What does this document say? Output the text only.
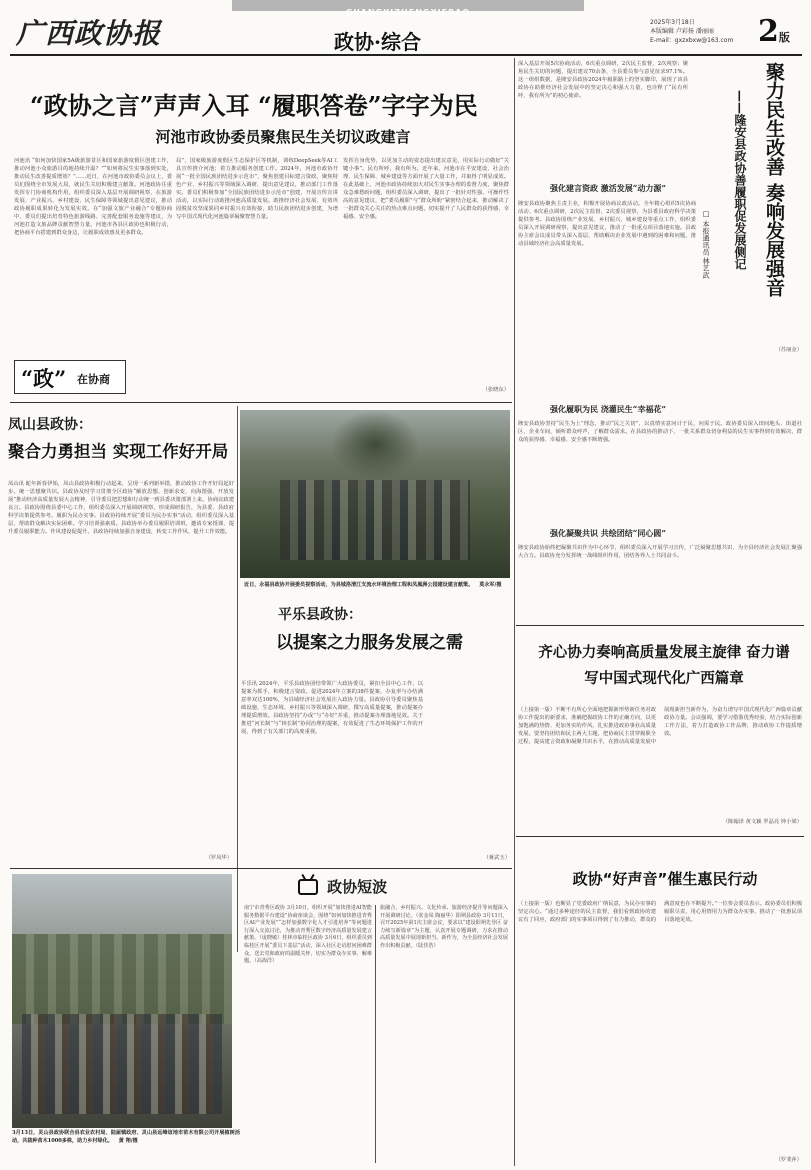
广西政协报
GUANGXIZHENGXIEBAO
政协·综合
2025年3月18日
本版编辑 卢彩扬 潘丽丽
E-mail：gxzxbxw@163.com 2版
“政协之言”声声入耳 “履职答卷”字字为民
河池市政协委员聚焦民生关切议政建言
河池讯 “如何加快国家5A级旅游景区和国家旅游度假区创建工作，推动河池小众旅游目的地持续升温？”“如何将民生实事落到实处，推动民生改善提质增效？”……近日，在河池市政协委员会议上，委员们围绕全市发展大局，就民生关切积极建言献策。河池政协注重发挥专门协商机构作用，组织委员深入基层开展调研视察，在旅游发展、产业振兴、乡村建设、民生保障等领域提出意见建议，推动政协履职成果转化为发展实效。在“加强文旅产业融合”专题协商中，委员们提出培育特色旅游线路、完善配套服务设施等建议，为河池打造文旅品牌贡献智慧力量。河池市各县区政协也积极行动，把协商平台搭建到群众身边，让履职成效惠及更多群众。
局”，国家级旅游度假区生态保护区等机制，训练DeepSeek等AI工具宣传推介河池；着力推动服务创建工作。2024年，河池市政协开展“一批全国民族团结进步示范市”，聚焦创建目标建言资政，聚焦特色产业、乡村振兴等领域深入调研，提出意见建议，推动部门工作落实。委员们积极参加“全国民族团结进步示范市”创建，开展宣传宣讲活动，以实际行动助推河池高质量发展。助推经济社会发展、有效巩固脱贫攻坚成果同乡村振兴有效衔接，助力民族团结进步创建，为谱写中国式现代化河池篇章凝聚智慧力量。
发挥自身优势，以更加主动的姿态提出建议意见，用实际行动做好“关键小事”。民有所呼，我有所为。近年来，河池市在平安建设、社会治理、民生保障、城乡建设等方面开展了大量工作，并取得了明显成效。在此基础上，河池市政协持续加大对民生实事办理的监督力度，聚焦群众急难愁盼问题，组织委员深入调研，提出了一批针对性强、可操作性高的意见建议，把“委员履职”与“群众所盼”紧密结合起来，推动解决了一批群众关心关注的热点难点问题，切实提升了人民群众的获得感、幸福感、安全感。
（张晓东）
“政” 在协商
凤山县政协：
聚合力勇担当 实现工作好开局
凤山讯 蛇年新春伊始，凤山县政协积极行动起来，呈现一系列新举措，推动政协工作开好局起好步。统一思想聚共识。县政协及时学习贯彻全区政协“解放思想、创新求变、向海图强、开放发展”推动经济高质量发展大会精神，引导委员把思想和行动统一到县委决策部署上来。协商议政建良言。县政协围绕县委中心工作，组织委员深入开展调研视察，形成调研报告，为县委、县政府科学决策提供参考。履职为民办实事。县政协持续开展“委员为民办实事”活动，组织委员深入基层，帮助群众解决实际困难。学习培训强素质。县政协举办委员履职培训班，邀请专家授课，提升委员履职能力。作风建设促提升。县政协持续加强自身建设，转变工作作风，提升工作效能。
（罗凤华）
近日，永福县政协开展委员视察活动，为县城洛清江支流水环境治理工程和凤凰洲公园建设建言献策。 莫永军/摄
平乐县政协：
以提案之力服务发展之需
平乐讯 2024年，平乐县政协团结带领广大政协委员，紧扣全县中心工作，以提案为抓手，积极建言资政。促进2024年立案的38件提案，办复率与办结满意率双达100%，为县域经济社会发展注入政协力量。县政协引导委员聚焦基础设施、生态环境、乡村振兴等领域深入调研，撰写高质量提案，推动提案办理提质增效。县政协坚持“办成”与“办好”并重，推动提案办理落地见效。关于推进“河长制”与“林长制”协同治理的提案，有效促进了生态环境保护工作的开展，得到了有关部门的高度重视。
（蒋武玉）
3月13日，灵山县政协联合县农业农村局、陆屋镇政府、灵山县远峰谊地市苗木有限公司开展植树活动，共栽种苗木1000多株，助力乡村绿化。 黄 翔/摄
政协短波
南宁市青秀区政协 3月10日，组织开展“加快推进AI智能服务数据平台建设”协商座谈会，围绕“如何加快推进青秀区AI产业发展”“怎样加强数字化人才引进培养”等问题进行深入交流讨论，为推动青秀区数字经济高质量发展建言献策。（庞晓敏）桂林市临桂区政协 3月6日，组织委员到临桂区开展“委员下基层”活动，深入社区走访慰问困难群众，送去党和政府的温暖关怀，切实为群众办实事、解难题。（高海洋）
旅融合、乡村振兴、文化传承、旅游经济提升等问题深入开展调研讨论。（张金凤 陶丽华）阳朔县政协 3月11日，召开2025年第1次主席会议，要求以“建设阳朔先导区 奋力续写新篇章”为主题，认真开展专题调研，力求在推动高质量发展中展现新担当、新作为，为全县经济社会发展作出积极贡献。（陆佳浩）
深入基层开展5次协商活动，6次重点调研，2次民主监督，2次视察；聚焦民生关切的问题，提出建议70余条，全县委员参与意见征求97.1%。这一组组数据，是隆安县政协2024年履职路上的坚实脚印，展现了该县政协在助推经济社会发展中的坚定决心和强大力量，也诠释了“民有所呼，我有所为”的初心使命。	聚力民生改善 奏响发展强音
——隆安县政协善履职促发展侧记
□ 本报通讯员 林艺武
强化建言资政 激活发展“动力源”
隆安县政协聚焦主责主业，积极开展协商议政活动。全年精心组织5次协商活动、6次重点调研，2次民主监督，2次委员视察，为县委县政府科学决策提供参考。县政协围绕产业发展、乡村振兴、城乡建设等重点工作，组织委员深入开展调研视察，提出意见建议，推动了一批重点项目落地实施。县政协主席会议成员带头深入基层，帮助解决企业发展中遇到的困难和问题，推动县域经济社会高质量发展。
强化履职为民 浇灌民生“幸福花”
隆安县政协坚持“民生为上”理念，推动“民之关切”，以真情实意问计于民、问需于民。政协委员深入田间地头、街道社区、企业车间，倾听群众呼声，了解群众需求。在县政协的推动下，一批关系群众切身利益的民生实事得到有效解决，群众的获得感、幸福感、安全感不断增强。
强化凝聚共识 共绘团结“同心圆”
隆安县政协始终把凝聚共识作为中心环节，组织委员深入开展学习宣传，广泛凝聚思想共识，为全县经济社会发展汇聚强大合力。县政协充分发挥统一战线组织作用，团结各界人士共同奋斗。
（苏丽金）
齐心协力奏响高质量发展主旋律 奋力谱写中国式现代化广西篇章
（上接第一版）不断不有所心全面地把握新形势新任务对政协工作提出的新要求，准确把握政协工作的正确方向，以更加饱满的热情、更加务实的作风，扎实推进政协事业高质量发展。要坚持团结和民主两大主题，把协商民主贯穿履职全过程，提高建言资政和凝聚共识水平，在推动高质量发展中展现新担当新作为，为奋力谱写中国式现代化广西篇章贡献政协力量。会议强调，要学习借鉴优秀经验，结合实际创新工作方法，着力打造政协工作品牌，推动政协工作提质增效。
（陈翰泽 黄文颖 罗晶亮 钟小梁）
政协“好声音”催生惠民行动
（上接第一版）也断显了党委政府广纳民意，为民办实事的坚定决心。“通过多种途径的民主监督，我们看到政协的建议有了回应，政府部门的实事项目得到了有力推动，群众的满意度也在不断提升。”一位参会委员表示。政协委员们积极履职尽责，用心用情用力为群众办实事，推动了一批惠民项目落地见效。
（罗斐萍）
